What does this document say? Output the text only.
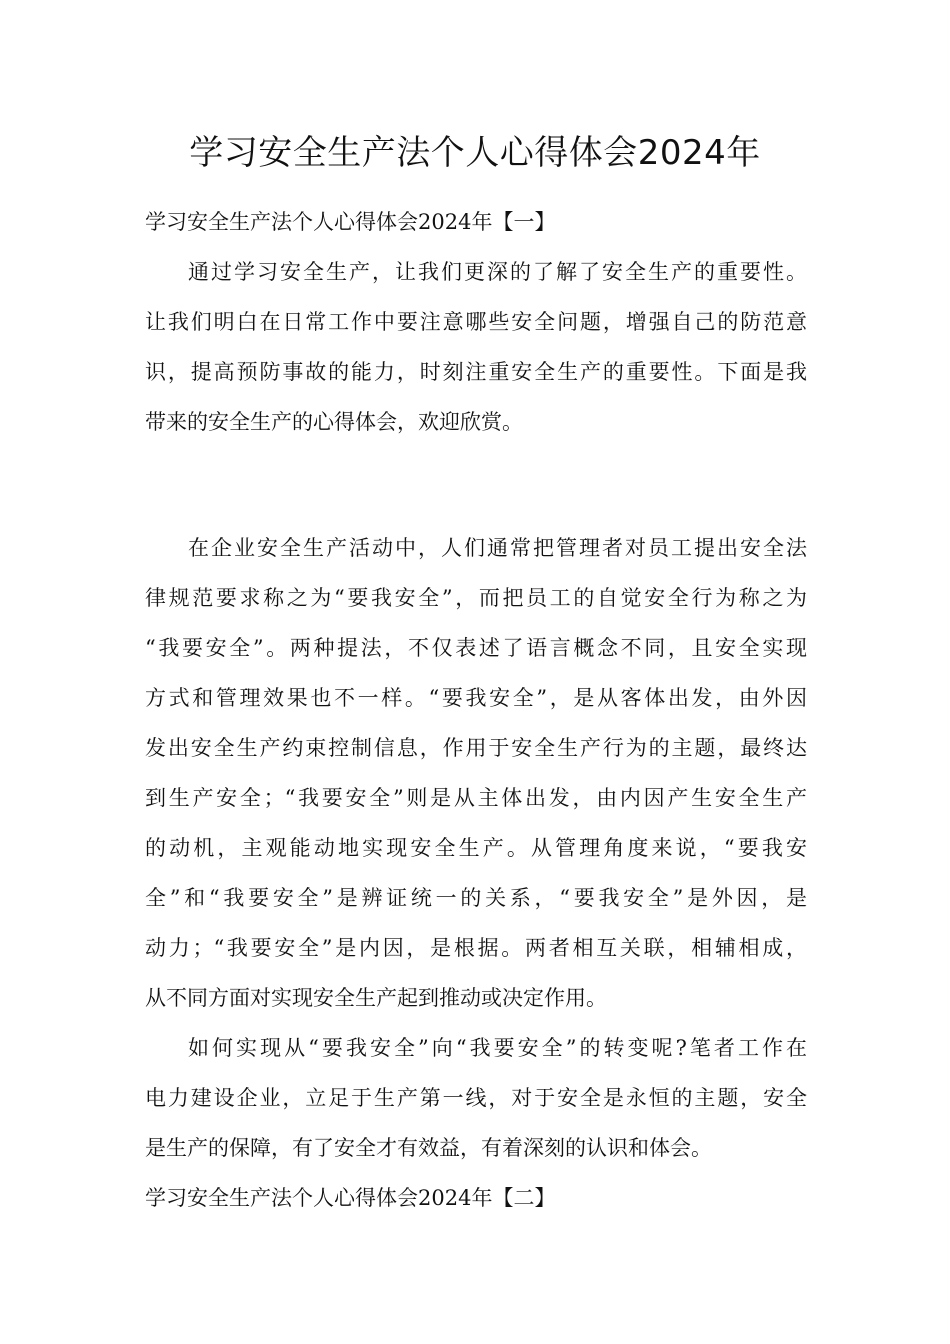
学习安全生产法个人心得体会2024年
学习安全生产法个人心得体会2024年【一】
通过学习安全生产，让我们更深的了解了安全生产的重要性。
让我们明白在日常工作中要注意哪些安全问题，增强自己的防范意
识，提高预防事故的能力，时刻注重安全生产的重要性。下面是我
带来的安全生产的心得体会，欢迎欣赏。
在企业安全生产活动中，人们通常把管理者对员工提出安全法
律规范要求称之为“要我安全”，而把员工的自觉安全行为称之为
“我要安全”。两种提法，不仅表述了语言概念不同，且安全实现
方式和管理效果也不一样。“要我安全”，是从客体出发，由外因
发出安全生产约束控制信息，作用于安全生产行为的主题，最终达
到生产安全；“我要安全”则是从主体出发，由内因产生安全生产
的动机，主观能动地实现安全生产。从管理角度来说，“要我安
全”和“我要安全”是辨证统一的关系，“要我安全”是外因，是
动力；“我要安全”是内因，是根据。两者相互关联，相辅相成，
从不同方面对实现安全生产起到推动或决定作用。
如何实现从“要我安全”向“我要安全”的转变呢?笔者工作在
电力建设企业，立足于生产第一线，对于安全是永恒的主题，安全
是生产的保障，有了安全才有效益，有着深刻的认识和体会。
学习安全生产法个人心得体会2024年【二】
